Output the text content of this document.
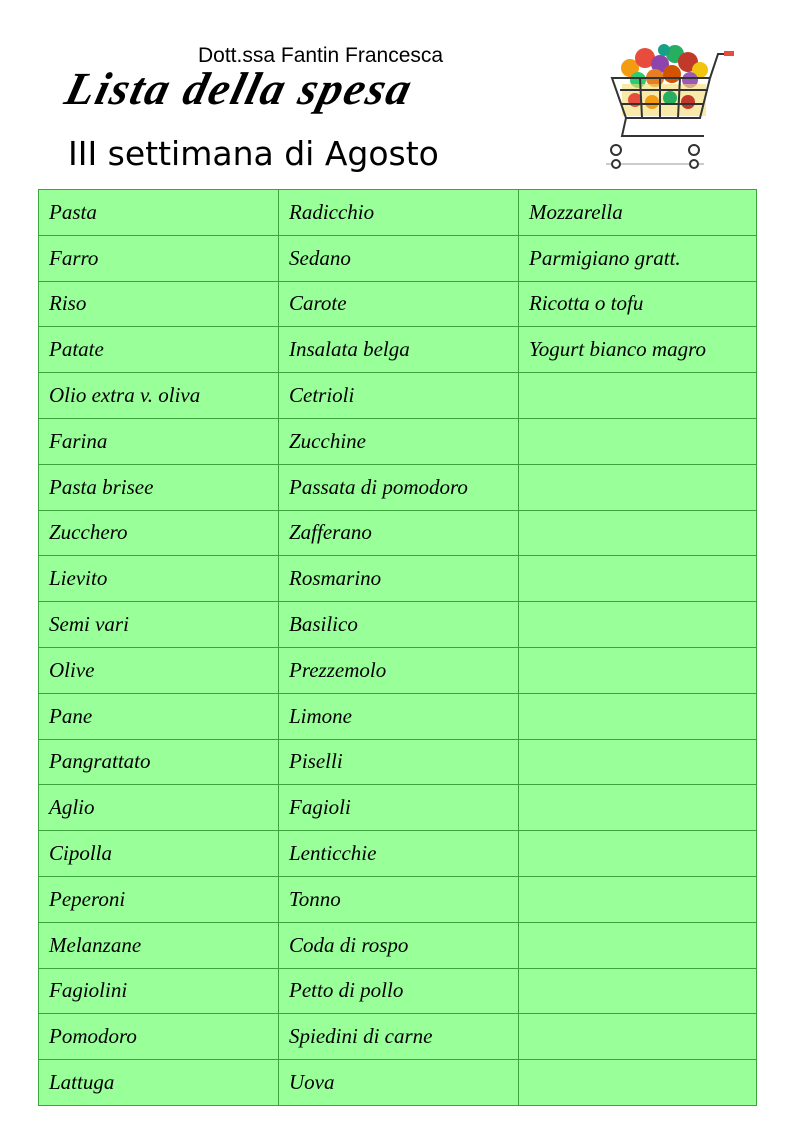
Dott.ssa Fantin Francesca
Lista della spesa
III settimana di Agosto
Pasta	Radicchio	Mozzarella
Farro	Sedano	Parmigiano gratt.
Riso	Carote	Ricotta o tofu
Patate	Insalata belga	Yogurt bianco magro
Olio extra v. oliva	Cetrioli	
Farina	Zucchine	
Pasta brisee	Passata di pomodoro	
Zucchero	Zafferano	
Lievito	Rosmarino	
Semi vari	Basilico	
Olive	Prezzemolo	
Pane	Limone	
Pangrattato	Piselli	
Aglio	Fagioli	
Cipolla	Lenticchie	
Peperoni	Tonno	
Melanzane	Coda di rospo	
Fagiolini	Petto di pollo	
Pomodoro	Spiedini di carne	
Lattuga	Uova	
